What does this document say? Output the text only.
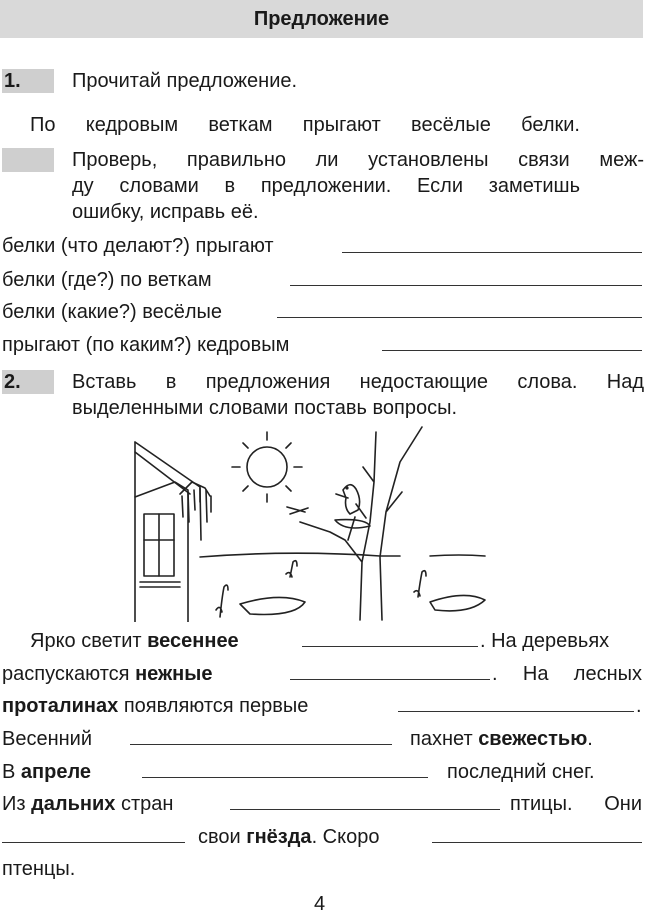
Предложение
1.	Прочитай предложение.
По кедровым веткам прыгают весёлые белки.
Проверь, правильно ли установлены связи меж-
ду словами в предложении. Если заметишь
ошибку, исправь её.
белки (что делают?) прыгают
белки (где?) по веткам
белки (какие?) весёлые
прыгают (по каким?) кедровым
2.	Вставь в предложения недостающие слова. Над
выделенными словами поставь вопросы.
Ярко светит весеннее	. На деревьях
распускаются нежные	. На лесных
проталинах появляются первые	.
Весенний	пахнет свежестью.
В апреле	последний снег.
Из дальних стран	птицы. Они
свои гнёзда. Скоро
птенцы.
4
